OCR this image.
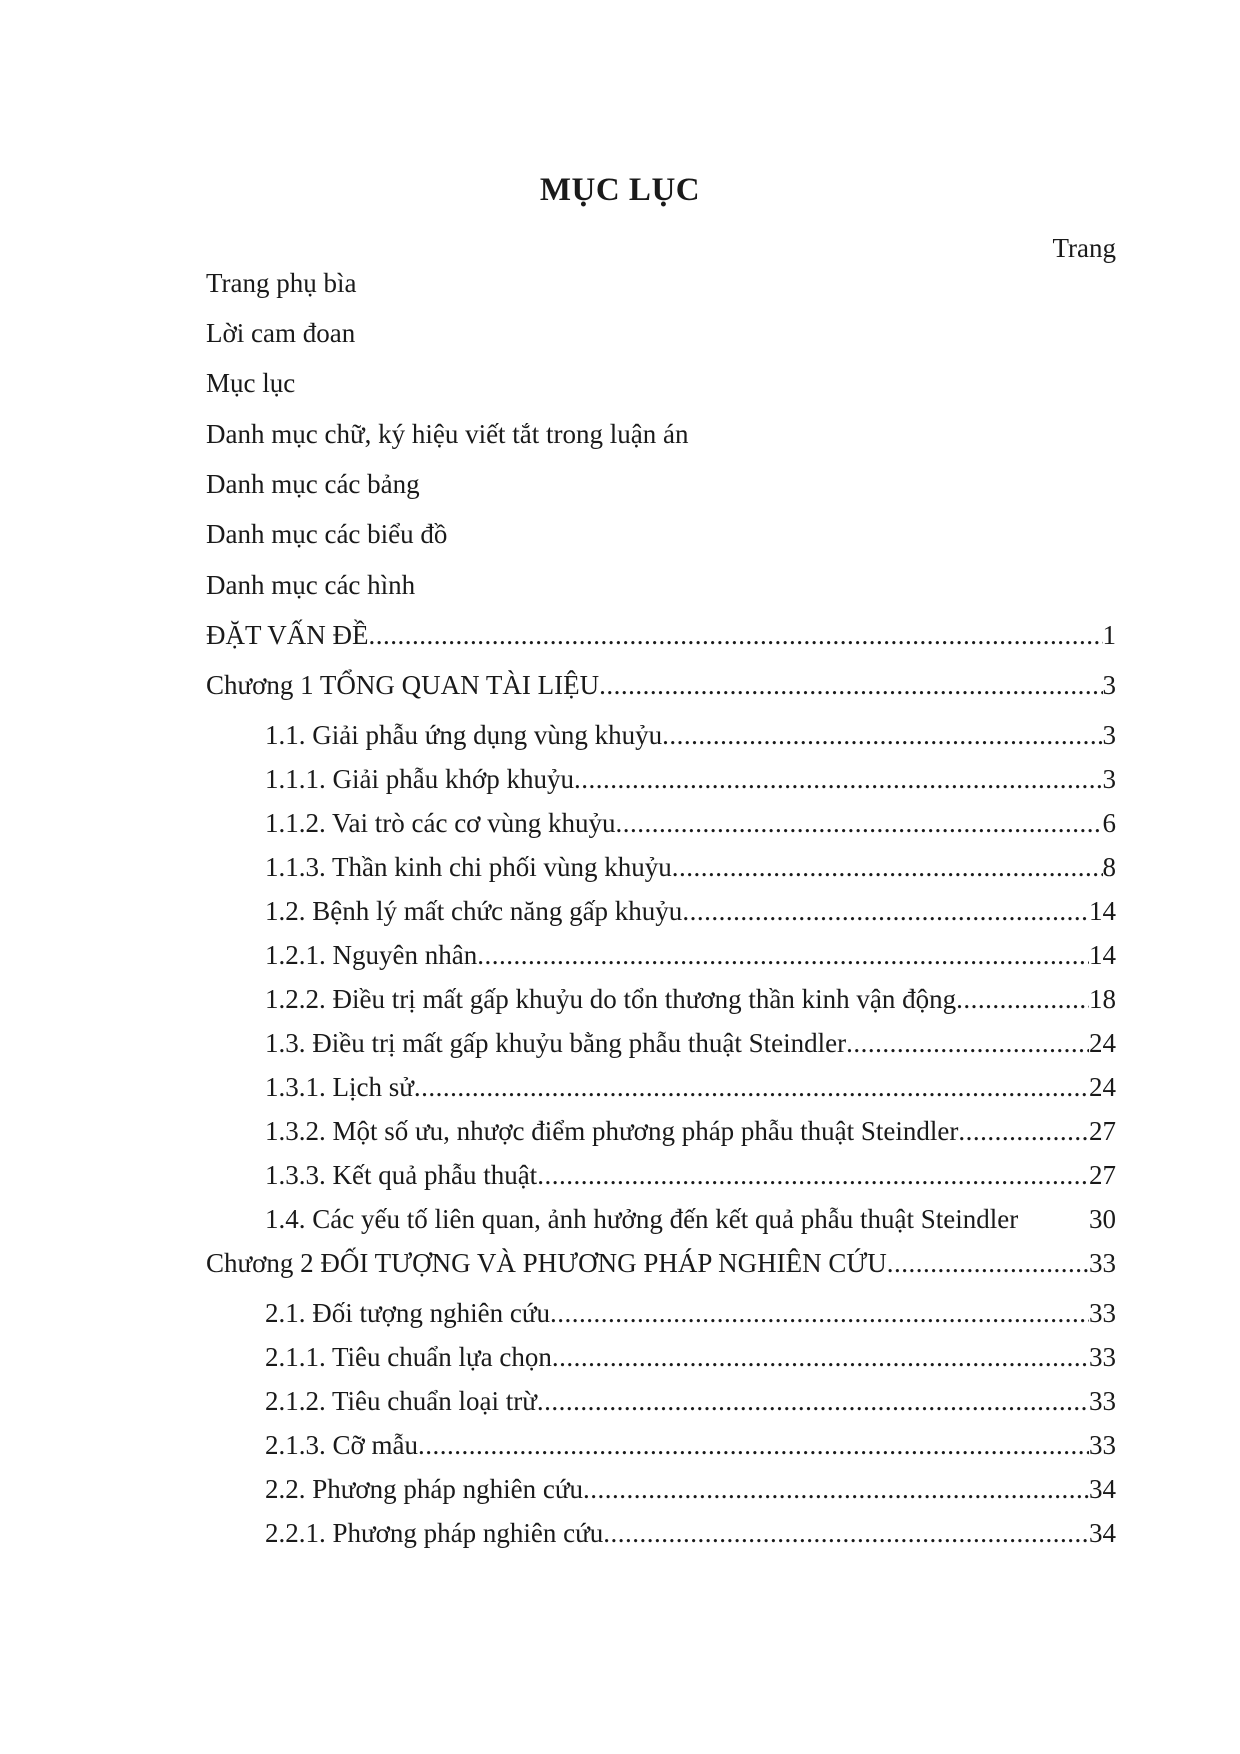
MỤC LỤC
Trang
Trang phụ bìa
Lời cam đoan
Mục lục
Danh mục chữ, ký hiệu viết tắt trong luận án
Danh mục các bảng
Danh mục các biểu đồ
Danh mục các hình
ĐẶT VẤN ĐỀ .....	1
Chương 1 TỔNG QUAN TÀI LIỆU .....	3
1.1. Giải phẫu ứng dụng vùng khuỷu .....	3
1.1.1. Giải phẫu khớp khuỷu .....	3
1.1.2. Vai trò các cơ vùng khuỷu .....	6
1.1.3. Thần kinh chi phối vùng khuỷu .....	8
1.2. Bệnh lý mất chức năng gấp khuỷu .....	14
1.2.1. Nguyên nhân .....	14
1.2.2. Điều trị mất gấp khuỷu do tổn thương thần kinh vận động .....	18
1.3. Điều trị mất gấp khuỷu bằng phẫu thuật Steindler .....	24
1.3.1. Lịch sử .....	24
1.3.2. Một số ưu, nhược điểm phương pháp phẫu thuật Steindler .....	27
1.3.3. Kết quả phẫu thuật .....	27
1.4. Các yếu tố liên quan, ảnh hưởng đến kết quả phẫu thuật Steindler	30
Chương 2 ĐỐI TƯỢNG VÀ PHƯƠNG PHÁP NGHIÊN CỨU .....	33
2.1. Đối tượng nghiên cứu .....	33
2.1.1. Tiêu chuẩn lựa chọn .....	33
2.1.2. Tiêu chuẩn loại trừ .....	33
2.1.3. Cỡ mẫu .....	33
2.2. Phương pháp nghiên cứu .....	34
2.2.1. Phương pháp nghiên cứu .....	34
